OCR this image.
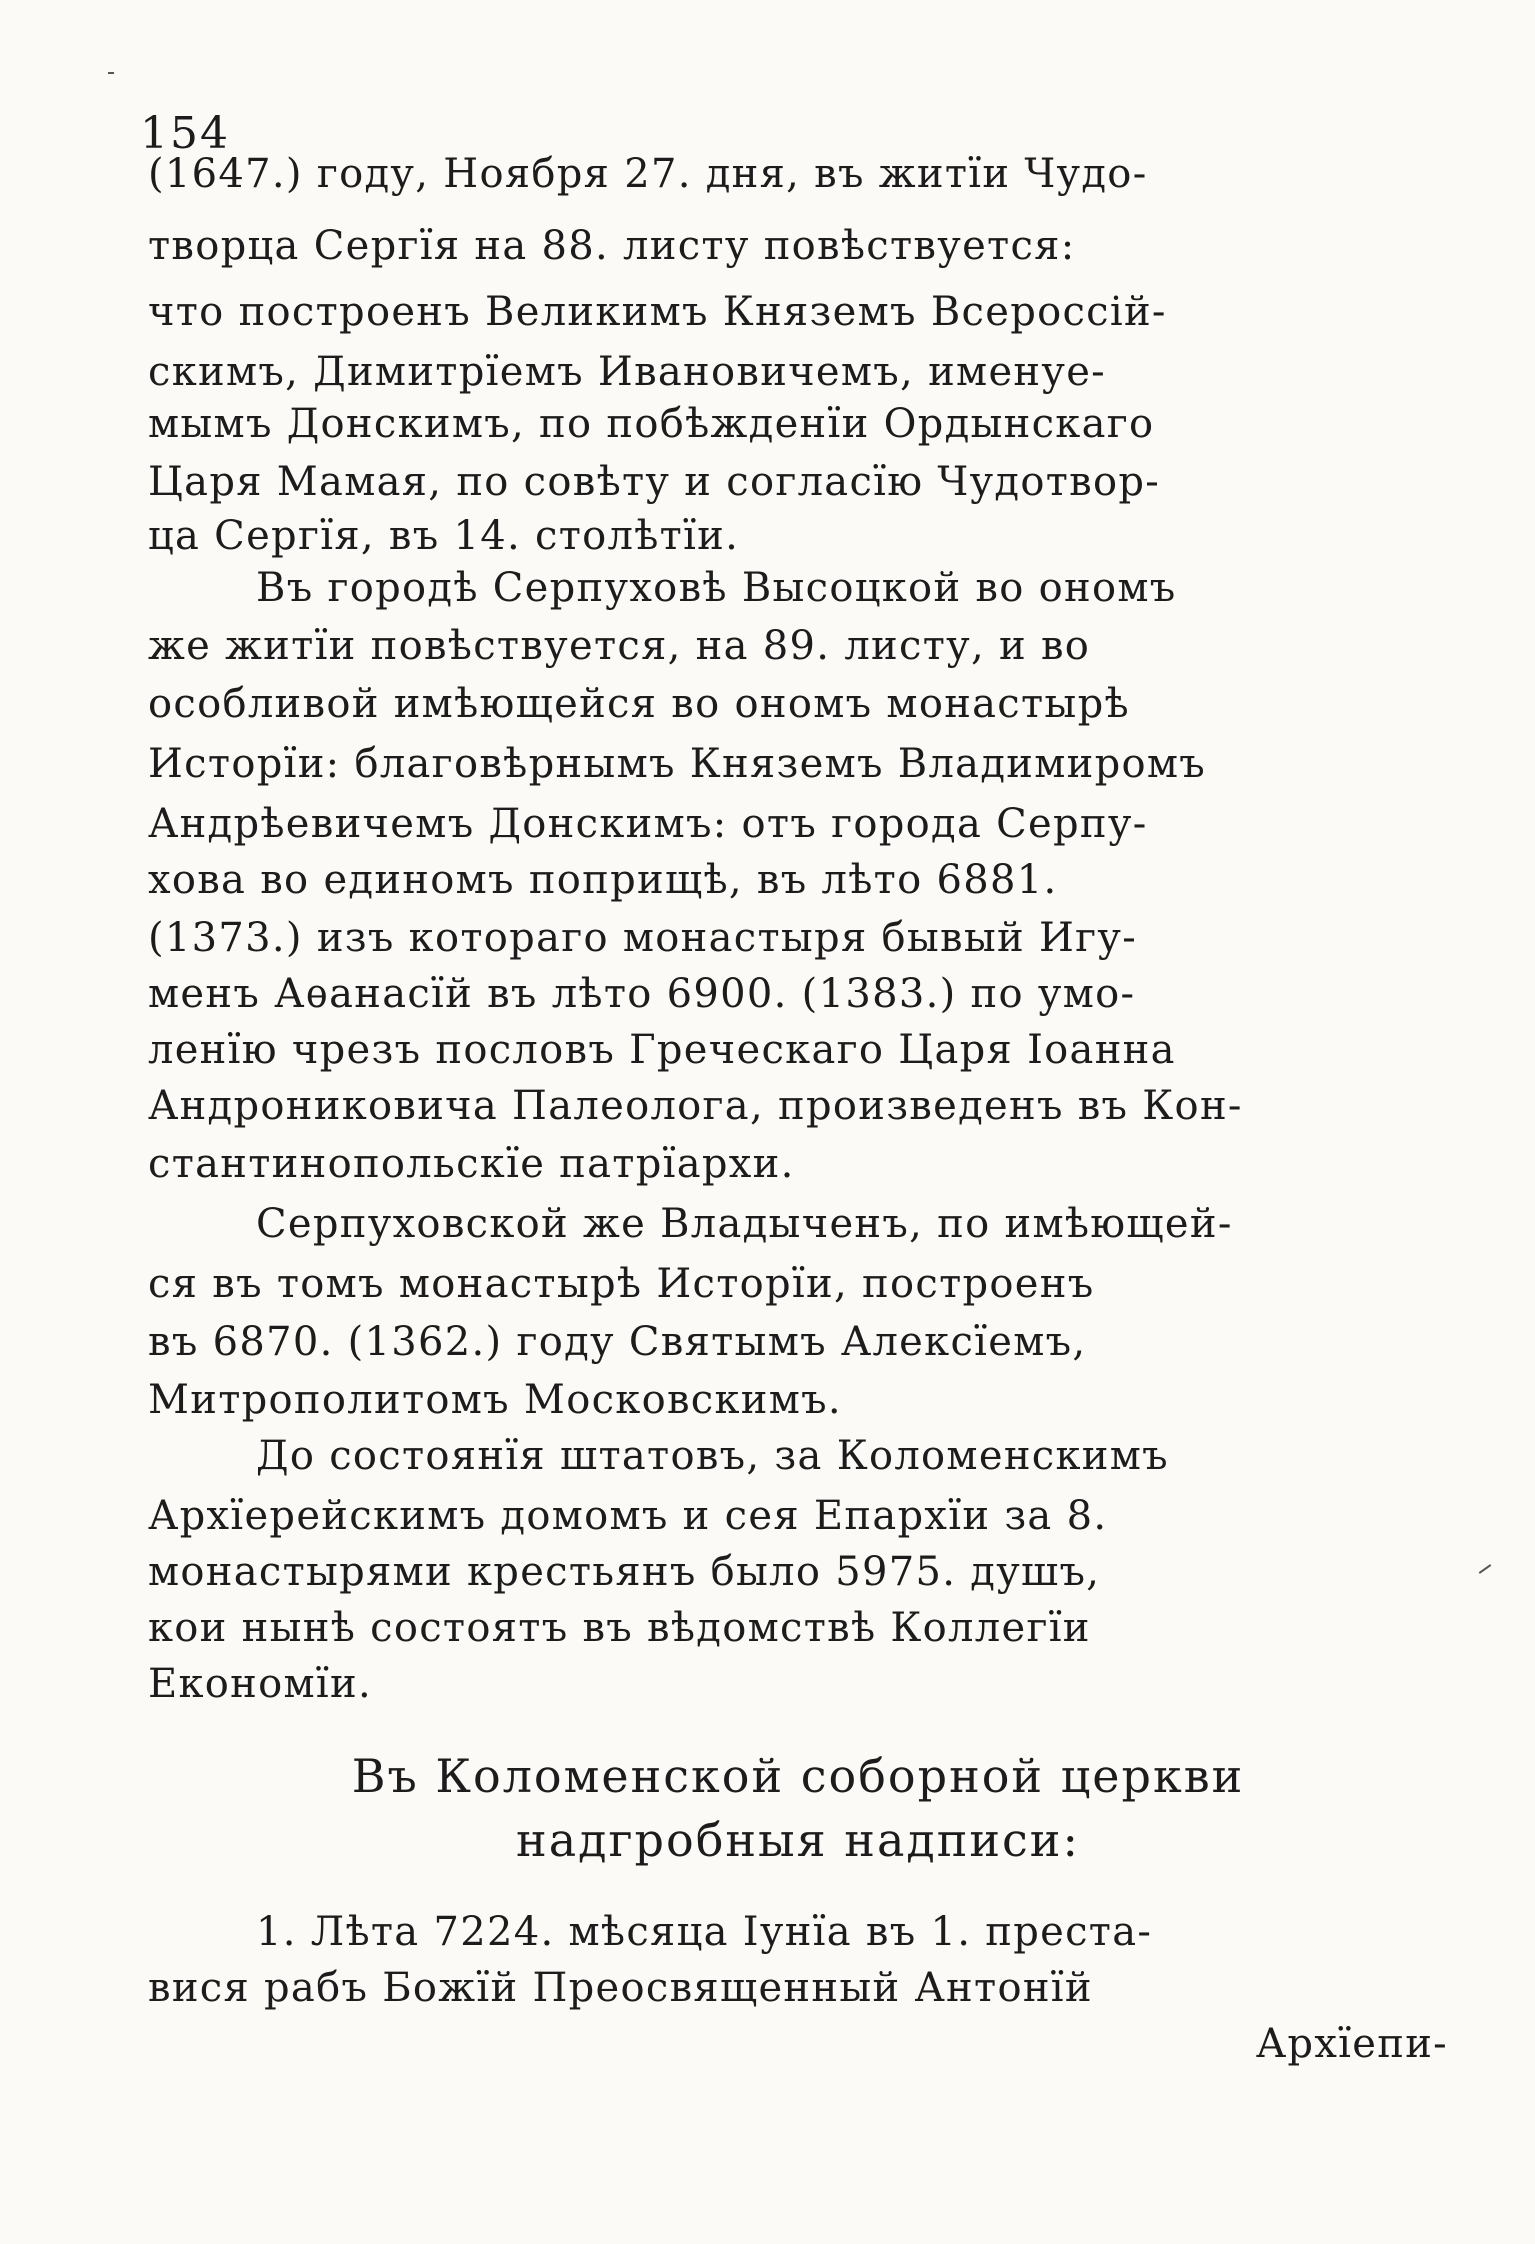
154
(1647.) году, Ноября 27. дня, въ житїи Чудо-
творца Сергїя на 88. листу повѣствуется:
что построенъ Великимъ Княземъ Всероссiй-
скимъ, Димитрїемъ Ивановичемъ, именуе-
мымъ Донскимъ, по побѣжденїи Ордынскаго
Царя Мамая, по совѣту и согласїю Чудотвор-
ца Сергїя, въ 14. столѣтїи.
Въ городѣ Серпуховѣ Высоцкой во ономъ
же житїи повѣствуется, на 89. листу, и во
особливой имѣющейся во ономъ монастырѣ
Исторїи: благовѣрнымъ Княземъ Владимиромъ
Андрѣевичемъ Донскимъ: отъ города Серпу-
хова во единомъ поприщѣ, въ лѣто 6881.
(1373.) изъ котораго монастыря бывый Игу-
менъ Аѳанасїй въ лѣто 6900. (1383.) по умо-
ленїю чрезъ пословъ Греческаго Царя Іоанна
Андрониковича Палеолога, произведенъ въ Кон-
стантинопольскїе патрїархи.
Серпуховской же Владыченъ, по имѣющей-
ся въ томъ монастырѣ Исторїи, построенъ
въ 6870. (1362.) году Святымъ Алексїемъ,
Митрополитомъ Московскимъ.
До состоянїя штатовъ, за Коломенскимъ
Архїерейскимъ домомъ и сея Епархїи за 8.
монастырями крестьянъ было 5975. душъ,
кои нынѣ состоятъ въ вѣдомствѣ Коллегїи
Економїи.
Въ Коломенской соборной церкви
надгробныя надписи:
1. Лѣта 7224. мѣсяца Іунїа въ 1. преста-
вися рабъ Божїй Преосвященный Антонїй
Архїепи-
